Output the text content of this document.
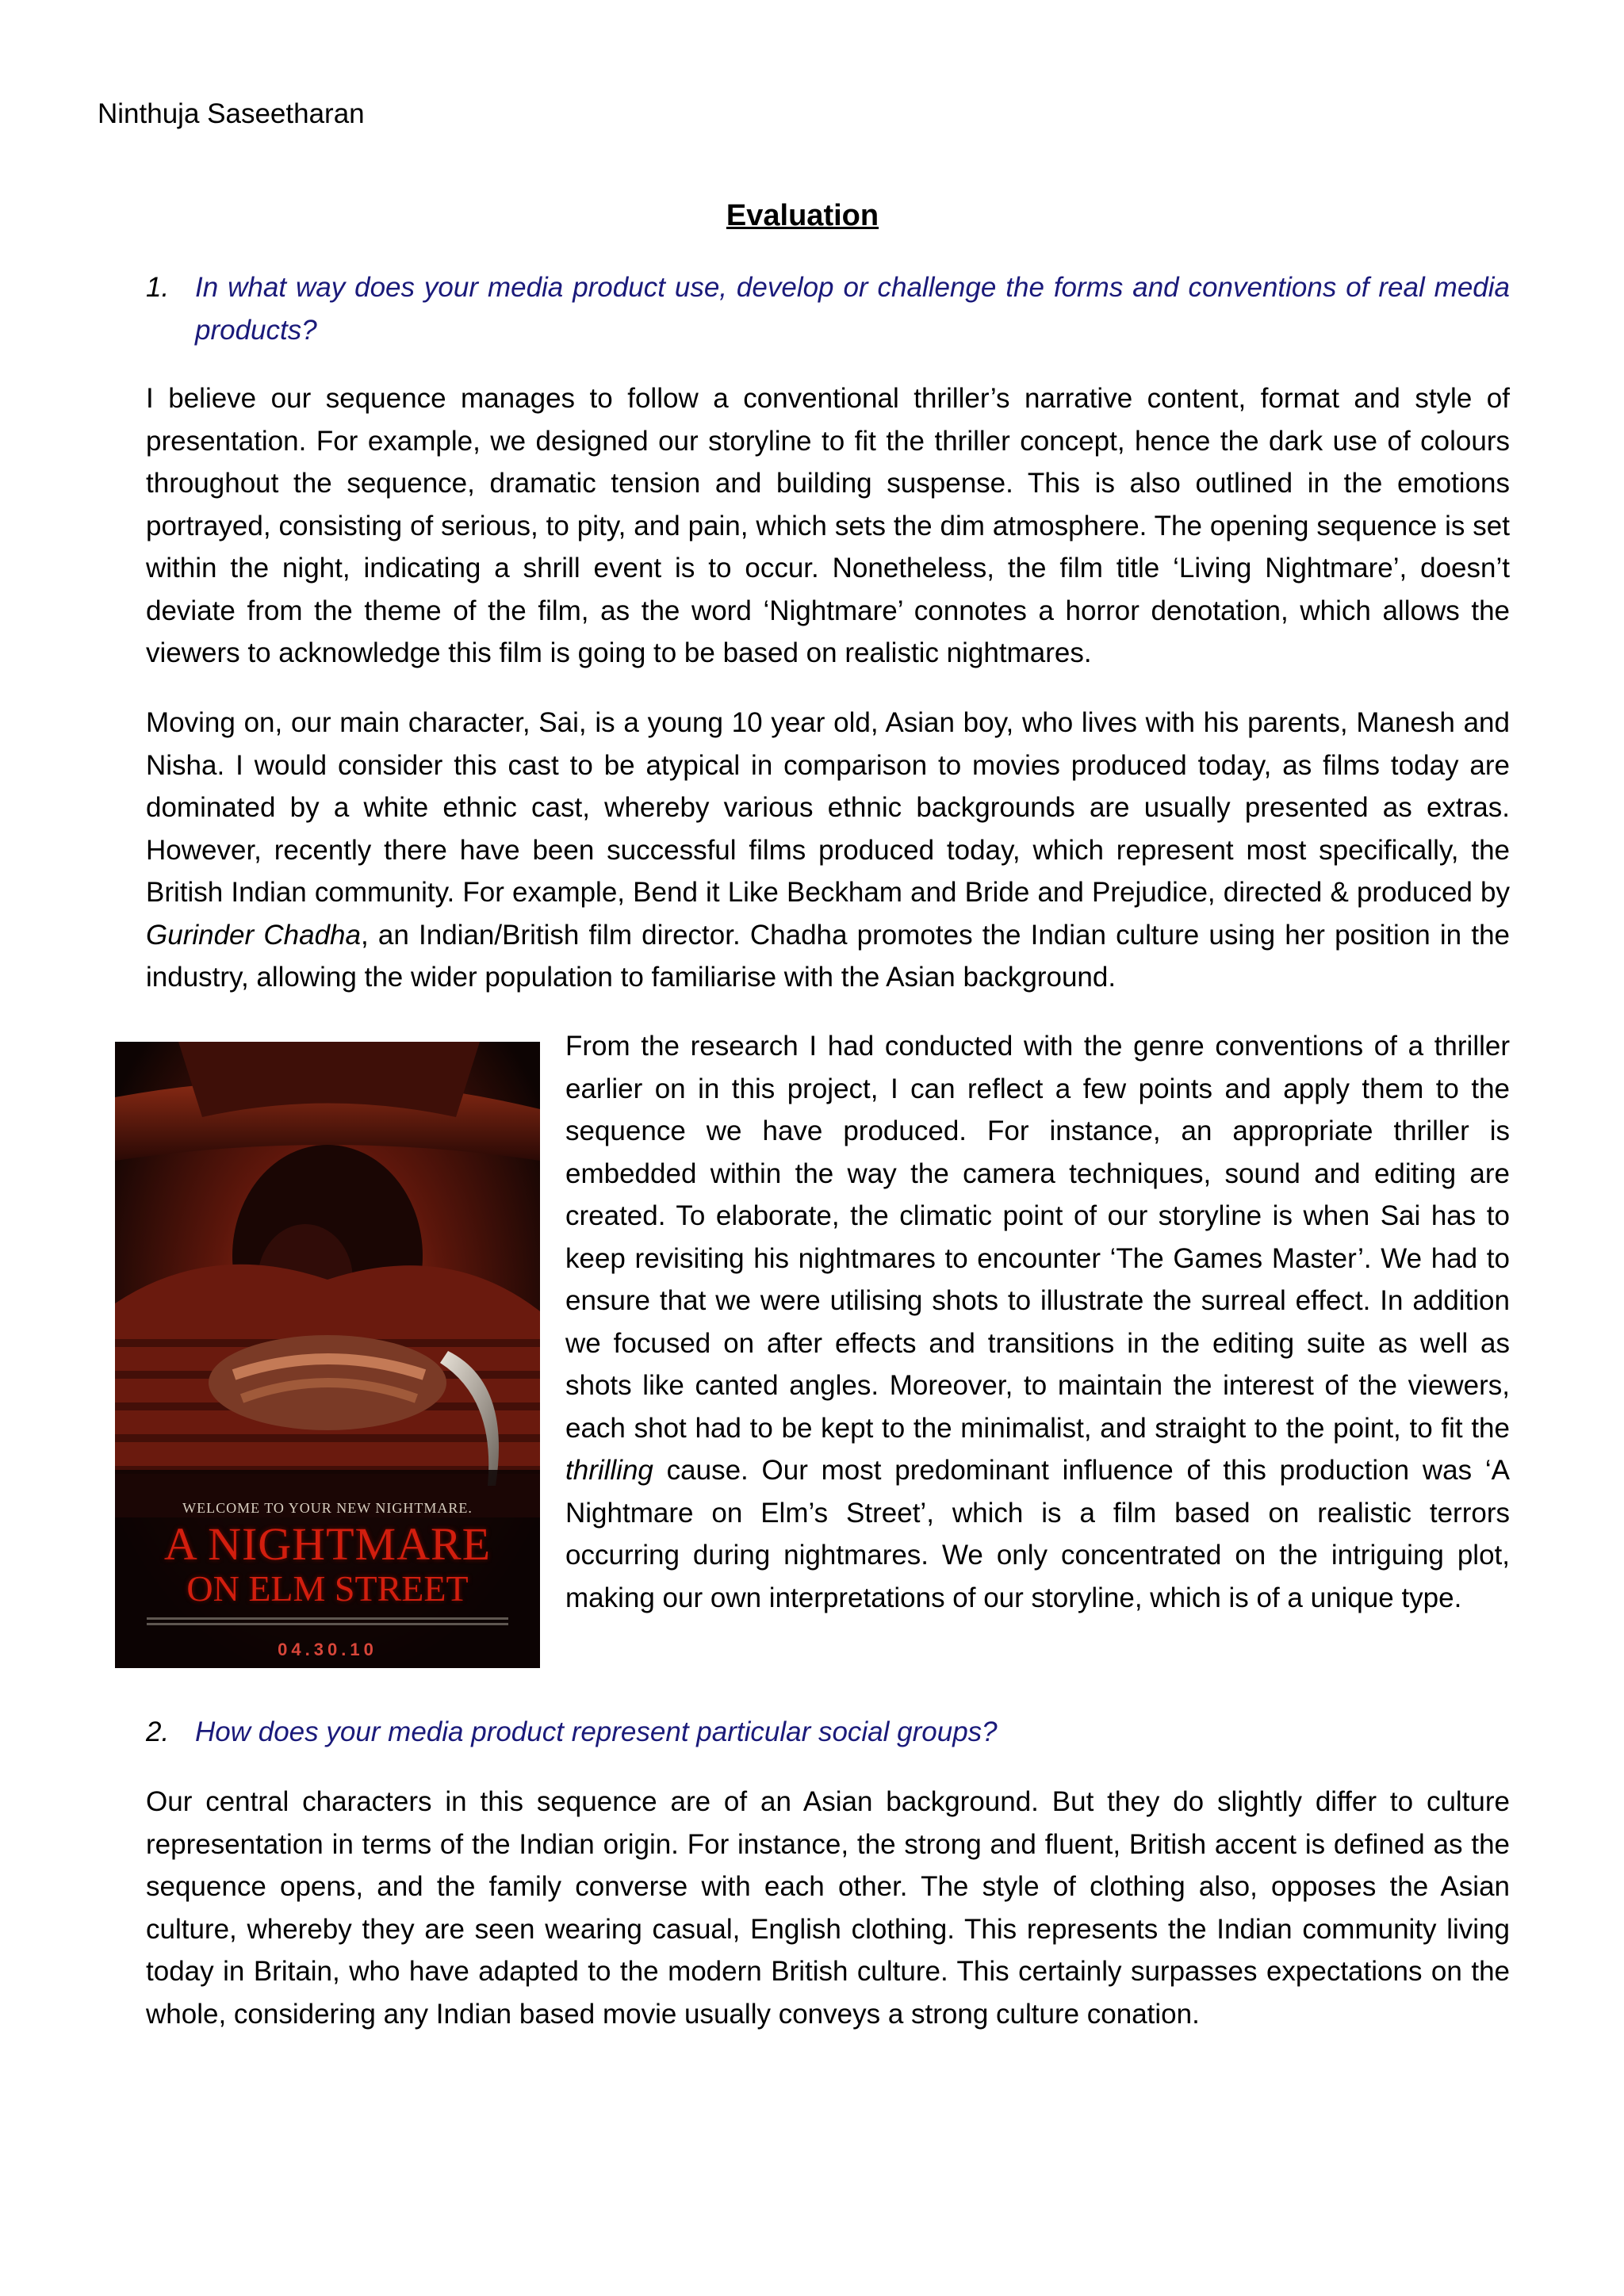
Ninthuja Saseetharan
Evaluation
1. In what way does your media product use, develop or challenge the forms and conventions of real media products?

I believe our sequence manages to follow a conventional thriller’s narrative content, format and style of presentation. For example, we designed our storyline to fit the thriller concept, hence the dark use of colours throughout the sequence, dramatic tension and building suspense. This is also outlined in the emotions portrayed, consisting of serious, to pity, and pain, which sets the dim atmosphere. The opening sequence is set within the night, indicating a shrill event is to occur. Nonetheless, the film title ‘Living Nightmare’, doesn’t deviate from the theme of the film, as the word ‘Nightmare’ connotes a horror denotation, which allows the viewers to acknowledge this film is going to be based on realistic nightmares.

Moving on, our main character, Sai, is a young 10 year old, Asian boy, who lives with his parents, Manesh and Nisha. I would consider this cast to be atypical in comparison to movies produced today, as films today are dominated by a white ethnic cast, whereby various ethnic backgrounds are usually presented as extras. However, recently there have been successful films produced today, which represent most specifically, the British Indian community. For example, Bend it Like Beckham and Bride and Prejudice, directed & produced by Gurinder Chadha, an Indian/British film director. Chadha promotes the Indian culture using her position in the industry, allowing the wider population to familiarise with the Asian background.

WELCOME TO YOUR NEW NIGHTMARE.
A NIGHTMARE
ON ELM STREET
04.30.10

From the research I had conducted with the genre conventions of a thriller earlier on in this project, I can reflect a few points and apply them to the sequence we have produced. For instance, an appropriate thriller is embedded within the way the camera techniques, sound and editing are created. To elaborate, the climatic point of our storyline is when Sai has to keep revisiting his nightmares to encounter ‘The Games Master’. We had to ensure that we were utilising shots to illustrate the surreal effect. In addition we focused on after effects and transitions in the editing suite as well as shots like canted angles. Moreover, to maintain the interest of the viewers, each shot had to be kept to the minimalist, and straight to the point, to fit the thrilling cause. Our most predominant influence of this production was ‘A Nightmare on Elm’s Street’, which is a film based on realistic terrors occurring during nightmares. We only concentrated on the intriguing plot, making our own interpretations of our storyline, which is of a unique type.

2. How does your media product represent particular social groups?

Our central characters in this sequence are of an Asian background. But they do slightly differ to culture representation in terms of the Indian origin. For instance, the strong and fluent, British accent is defined as the sequence opens, and the family converse with each other. The style of clothing also, opposes the Asian culture, whereby they are seen wearing casual, English clothing. This represents the Indian community living today in Britain, who have adapted to the modern British culture. This certainly surpasses expectations on the whole, considering any Indian based movie usually conveys a strong culture conation.
